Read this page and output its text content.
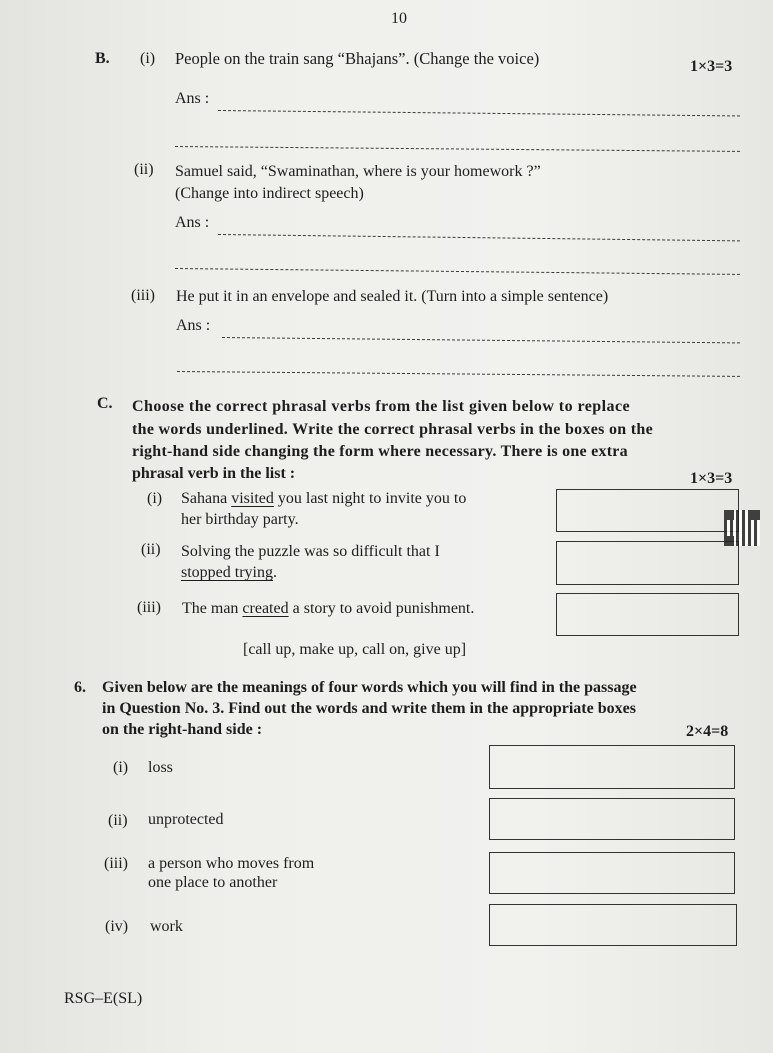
10
B. (i) People on the train sang “Bhajans”. (Change the voice)	1×3=3
Ans :
(ii) Samuel said, “Swaminathan, where is your homework ?”
(Change into indirect speech)
Ans :
(iii) He put it in an envelope and sealed it. (Turn into a simple sentence)
Ans :
C. Choose the correct phrasal verbs from the list given below to replace
the words underlined. Write the correct phrasal verbs in the boxes on the
right-hand side changing the form where necessary. There is one extra
phrasal verb in the list :	1×3=3
(i) Sahana visited you last night to invite you to
her birthday party.
(ii) Solving the puzzle was so difficult that I
stopped trying.
(iii) The man created a story to avoid punishment.
[call up, make up, call on, give up]
6. Given below are the meanings of four words which you will find in the passage
in Question No. 3. Find out the words and write them in the appropriate boxes
on the right-hand side :	2×4=8
(i) loss
(ii) unprotected
(iii) a person who moves from
one place to another
(iv) work
RSG–E(SL)
